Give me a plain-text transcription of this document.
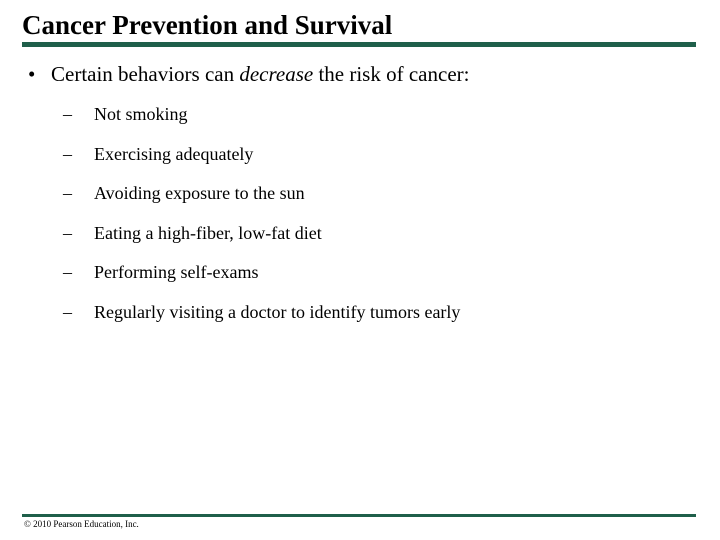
Cancer Prevention and Survival
• Certain behaviors can decrease the risk of cancer:
– Not smoking
– Exercising adequately
– Avoiding exposure to the sun
– Eating a high-fiber, low-fat diet
– Performing self-exams
– Regularly visiting a doctor to identify tumors early
© 2010 Pearson Education, Inc.
